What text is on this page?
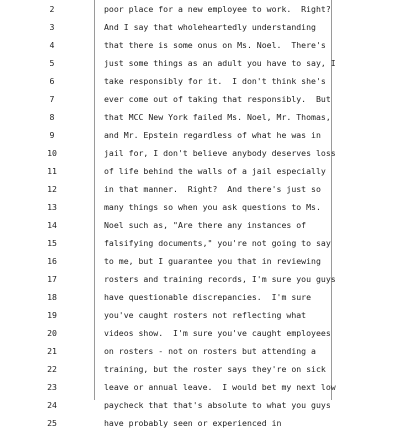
2	poor place for a new employee to work.  Right?
3	And I say that wholeheartedly understanding
4	that there is some onus on Ms. Noel.  There's
5	just some things as an adult you have to say, I
6	take responsibly for it.  I don't think she's
7	ever come out of taking that responsibly.  But
8	that MCC New York failed Ms. Noel, Mr. Thomas,
9	and Mr. Epstein regardless of what he was in
10	jail for, I don't believe anybody deserves loss
11	of life behind the walls of a jail especially
12	in that manner.  Right?  And there's just so
13	many things so when you ask questions to Ms.
14	Noel such as, "Are there any instances of
15	falsifying documents," you're not going to say
16	to me, but I guarantee you that in reviewing
17	rosters and training records, I'm sure you guys
18	have questionable discrepancies.  I'm sure
19	you've caught rosters not reflecting what
20	videos show.  I'm sure you've caught employees
21	on rosters - not on rosters but attending a
22	training, but the roster says they're on sick
23	leave or annual leave.  I would bet my next low
24	paycheck that that's absolute to what you guys
25	have probably seen or experienced in
